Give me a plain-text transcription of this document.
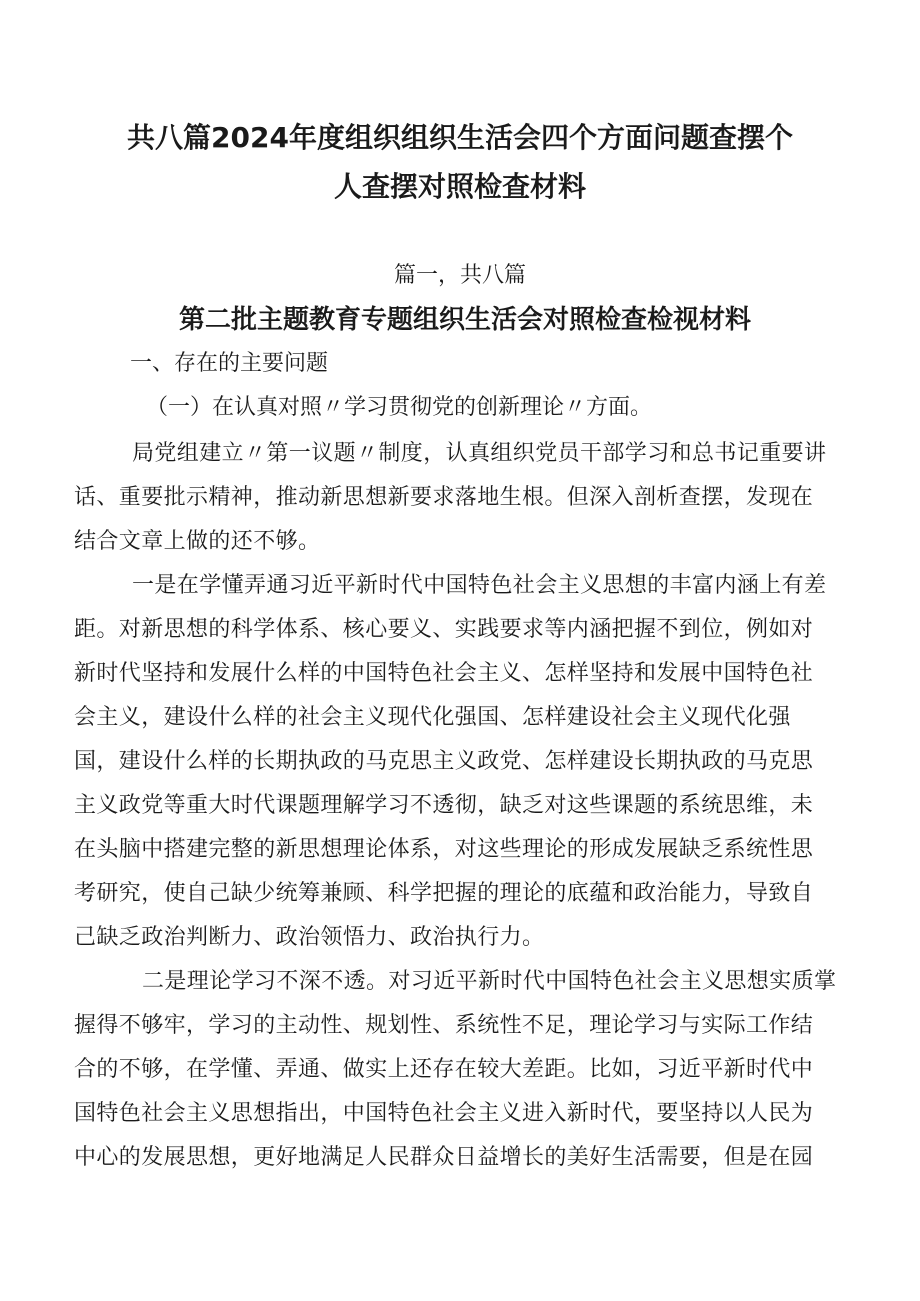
共八篇2024年度组织组织生活会四个方面问题查摆个
人查摆对照检查材料

篇一，共八篇

第二批主题教育专题组织生活会对照检查检视材料

一、存在的主要问题

（一）在认真对照〃学习贯彻党的创新理论〃方面。

局党组建立〃第一议题〃制度，认真组织党员干部学习和总书记重要讲
话、重要批示精神，推动新思想新要求落地生根。但深入剖析查摆，发现在
结合文章上做的还不够。
一是在学懂弄通习近平新时代中国特色社会主义思想的丰富内涵上有差
距。对新思想的科学体系、核心要义、实践要求等内涵把握不到位，例如对
新时代坚持和发展什么样的中国特色社会主义、怎样坚持和发展中国特色社
会主义，建设什么样的社会主义现代化强国、怎样建设社会主义现代化强
国，建设什么样的长期执政的马克思主义政党、怎样建设长期执政的马克思
主义政党等重大时代课题理解学习不透彻，缺乏对这些课题的系统思维，未
在头脑中搭建完整的新思想理论体系，对这些理论的形成发展缺乏系统性思
考研究，使自己缺少统筹兼顾、科学把握的理论的底蕴和政治能力，导致自
己缺乏政治判断力、政治领悟力、政治执行力。
二是理论学习不深不透。对习近平新时代中国特色社会主义思想实质掌
握得不够牢，学习的主动性、规划性、系统性不足，理论学习与实际工作结
合的不够，在学懂、弄通、做实上还存在较大差距。比如，习近平新时代中
国特色社会主义思想指出，中国特色社会主义进入新时代，要坚持以人民为
中心的发展思想，更好地满足人民群众日益增长的美好生活需要，但是在园
